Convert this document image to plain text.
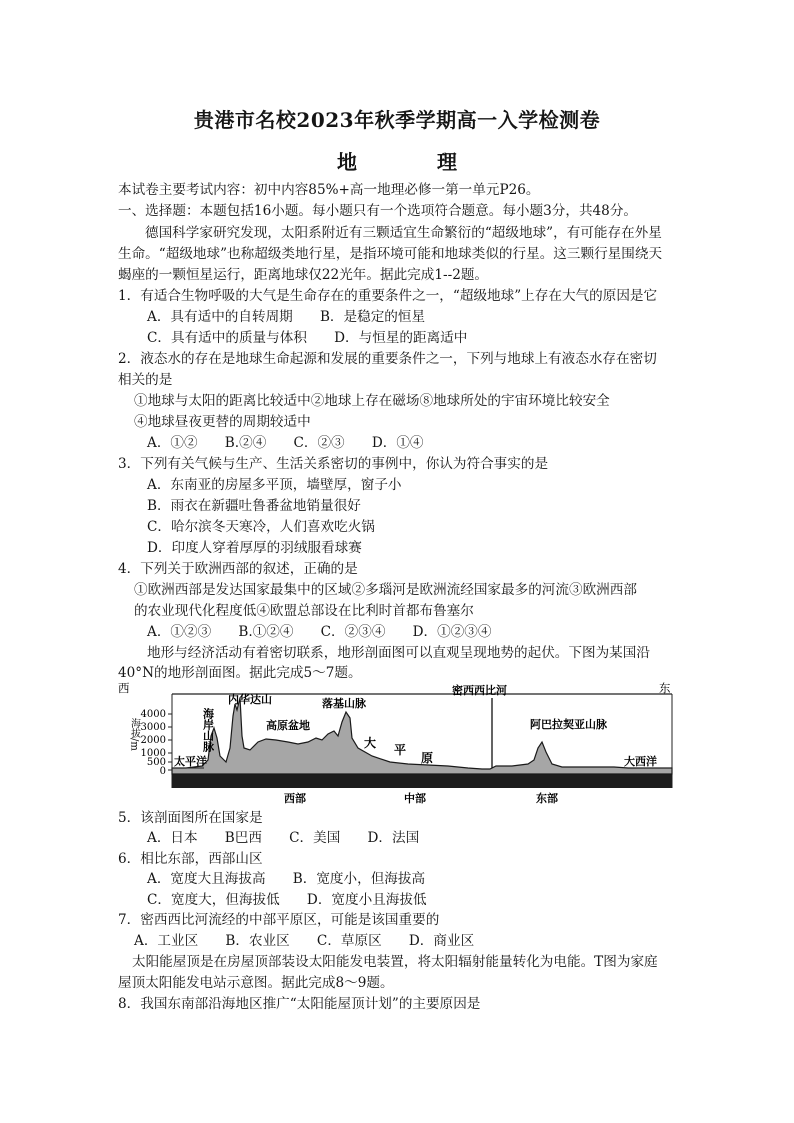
贵港市名校2023年秋季学期高一入学检测卷
地　理
本试卷主要考试内容：初中内容85%+高一地理必修一第一单元P26。
一、选择题：本题包括16小题。每小题只有一个选项符合题意。每小题3分，共48分。
德国科学家研究发现，太阳系附近有三颗适宜生命繁衍的“超级地球”，有可能存在外星
生命。“超级地球”也称超级类地行星，是指环境可能和地球类似的行星。这三颗行星围绕天
蝎座的一颗恒星运行，距离地球仅22光年。据此完成1--2题。
1．有适合生物呼吸的大气是生命存在的重要条件之一，“超级地球”上存在大气的原因是它
A．具有适中的自转周期　　B．是稳定的恒星
C．具有适中的质量与体积　　D．与恒星的距离适中
2．液态水的存在是地球生命起源和发展的重要条件之一，下列与地球上有液态水存在密切
相关的是
①地球与太阳的距离比较适中②地球上存在磁场⑧地球所处的宇宙环境比较安全
④地球昼夜更替的周期较适中
A．①②　　B.②④　　C．②③　　D．①④
3．下列有关气候与生产、生活关系密切的事例中，你认为符合事实的是
A．东南亚的房屋多平顶，墙壁厚，窗子小
B．雨衣在新疆吐鲁番盆地销量很好
C．哈尔滨冬天寒冷，人们喜欢吃火锅
D．印度人穿着厚厚的羽绒服看球赛
4．下列关于欧洲西部的叙述，正确的是
①欧洲西部是发达国家最集中的区域②多瑙河是欧洲流经国家最多的河流③欧洲西部
的农业现代化程度低④欧盟总部设在比利时首都布鲁塞尔
A．①②③　　B.①②④　　C．②③④　　D．①②③④
地形与经济活动有着密切联系，地形剖面图可以直观呈现地势的起伏。下图为某国沿
40°N的地形剖面图。据此完成5～7题。
西	东
海拔/m
4000
3000
2000
1000
500
0
太平洋	大西洋
海岸山脉
内华达山
高原盆地
落基山脉
大 平
原
密西西比河
阿巴拉契亚山脉
西部	中部	东部
5．该剖面图所在国家是
A．日本　　B巴西　　C．美国　　D．法国
6．相比东部，西部山区
A．宽度大且海拔高　　B．宽度小，但海拔高
C．宽度大，但海拔低　　D．宽度小且海拔低
7．密西西比河流经的中部平原区，可能是该国重要的
A．工业区　　B．农业区　　C．草原区　　D．商业区
太阳能屋顶是在房屋顶部装设太阳能发电装置，将太阳辐射能量转化为电能。T图为家庭
屋顶太阳能发电站示意图。据此完成8～9题。
8．我国东南部沿海地区推广“太阳能屋顶计划”的主要原因是
